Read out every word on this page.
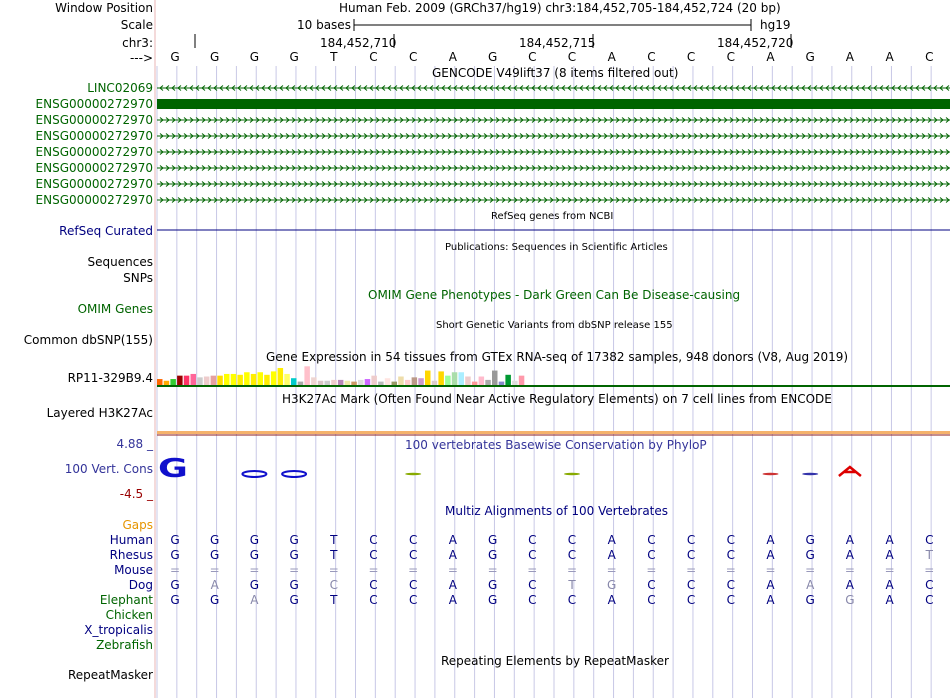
Window Position	Human Feb. 2009 (GRCh37/hg19) chr3:184,452,705-184,452,724 (20 bp)
Scale	10 bases	hg19
chr3:	184,452,710	184,452,715	184,452,720
--->	G	G	G	G	T	C	C	A	G	C	C	A	C	C	C	A	G	A	A	C
GENCODE V49lift37 (8 items filtered out)
LINC02069
ENSG00000272970
ENSG00000272970
ENSG00000272970
ENSG00000272970
ENSG00000272970
ENSG00000272970
ENSG00000272970
RefSeq genes from NCBI
RefSeq Curated
Publications: Sequences in Scientific Articles
Sequences
SNPs
OMIM Gene Phenotypes - Dark Green Can Be Disease-causing
OMIM Genes
Short Genetic Variants from dbSNP release 155
Common dbSNP(155)
Gene Expression in 54 tissues from GTEx RNA-seq of 17382 samples, 948 donors (V8, Aug 2019)
RP11-329B9.4
H3K27Ac Mark (Often Found Near Active Regulatory Elements) on 7 cell lines from ENCODE
Layered H3K27Ac
100 vertebrates Basewise Conservation by PhyloP
4.88 _
100 Vert. Cons
-4.5 _
G
Multiz Alignments of 100 Vertebrates
Gaps
Human	G	G	G	G	T	C	C	A	G	C	C	A	C	C	C	A	G	A	A	C
Rhesus	G	G	G	G	T	C	C	A	G	C	C	A	C	C	C	A	G	A	A	T
Mouse	=	=	=	=	=	=	=	=	=	=	=	=	=	=	=	=	=	=	=	=
Dog	G	A	G	G	C	C	C	A	G	C	T	G	C	C	C	A	A	A	A	C
Elephant	G	G	A	G	T	C	C	A	G	C	C	A	C	C	C	A	G	G	A	C
Chicken
X_tropicalis
Zebrafish
Repeating Elements by RepeatMasker
RepeatMasker
